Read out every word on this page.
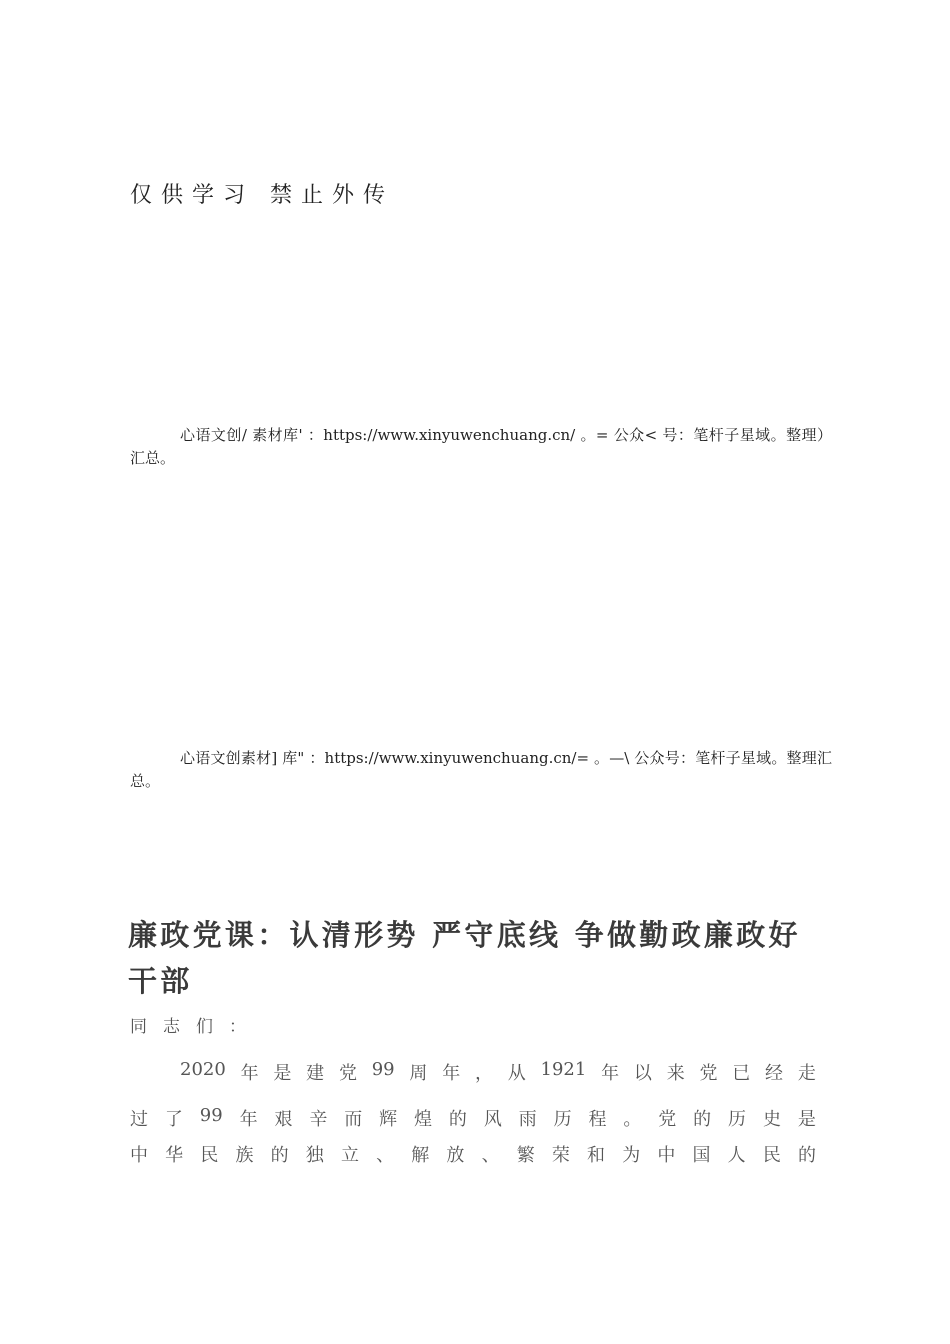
仅供学习 禁止外传
心语文创/ 素材库' ：https://www.xinyuwenchuang.cn/ 。= 公众< 号：笔杆子星域。整理）汇总。
心语文创素材] 库" ：https://www.xinyuwenchuang.cn/= 。—\ 公众号：笔杆子星域。整理汇总。
廉政党课：认清形势 严守底线 争做勤政廉政好干部
同志们：
2020 年 是 建 党 99 周 年 ， 从 1921 年 以 来 党 已 经 走
过 了 99 年 艰 辛 而 辉 煌 的 风 雨 历 程 。 党 的 历 史 是
中 华 民 族 的 独 立 、 解 放 、 繁 荣 和 为 中 国 人 民 的
